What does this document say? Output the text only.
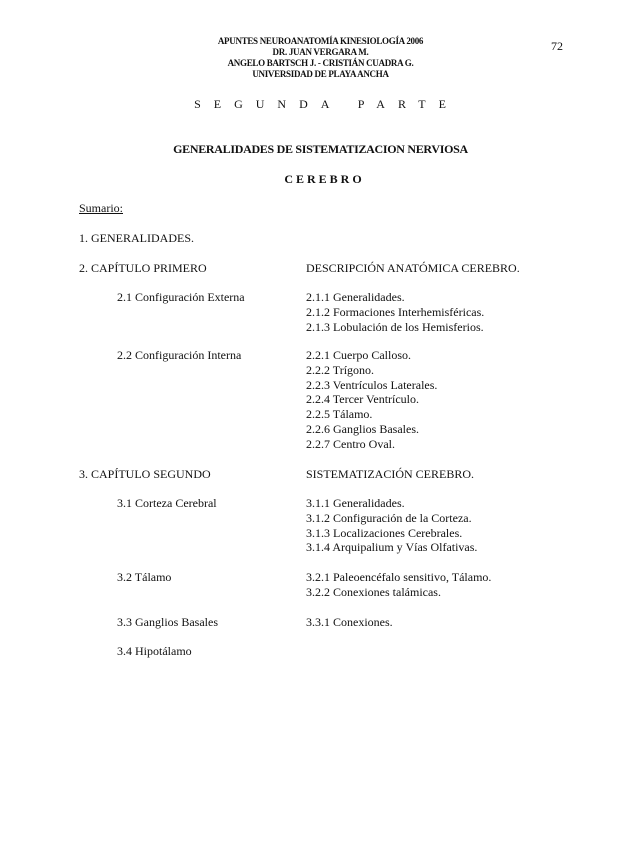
72
APUNTES NEUROANATOMÍA KINESIOLOGÍA 2006
DR. JUAN VERGARA M.
ANGELO BARTSCH J. - CRISTIÁN CUADRA G.
UNIVERSIDAD DE PLAYA ANCHA
SEGUNDA PARTE
GENERALIDADES DE SISTEMATIZACION NERVIOSA
CEREBRO
Sumario:
1. GENERALIDADES.
2. CAPÍTULO PRIMERO	DESCRIPCIÓN ANATÓMICA CEREBRO.
2.1 Configuración Externa	2.1.1 Generalidades.
2.1.2 Formaciones Interhemisféricas.
2.1.3 Lobulación de los Hemisferios.
2.2 Configuración Interna	2.2.1 Cuerpo Calloso.
2.2.2 Trígono.
2.2.3 Ventrículos Laterales.
2.2.4 Tercer Ventrículo.
2.2.5 Tálamo.
2.2.6 Ganglios Basales.
2.2.7 Centro Oval.
3. CAPÍTULO SEGUNDO	SISTEMATIZACIÓN CEREBRO.
3.1 Corteza Cerebral	3.1.1 Generalidades.
3.1.2 Configuración de la Corteza.
3.1.3 Localizaciones Cerebrales.
3.1.4 Arquipalium y Vías Olfativas.
3.2 Tálamo	3.2.1 Paleoencéfalo sensitivo, Tálamo.
3.2.2 Conexiones talámicas.
3.3 Ganglios Basales	3.3.1 Conexiones.
3.4 Hipotálamo
